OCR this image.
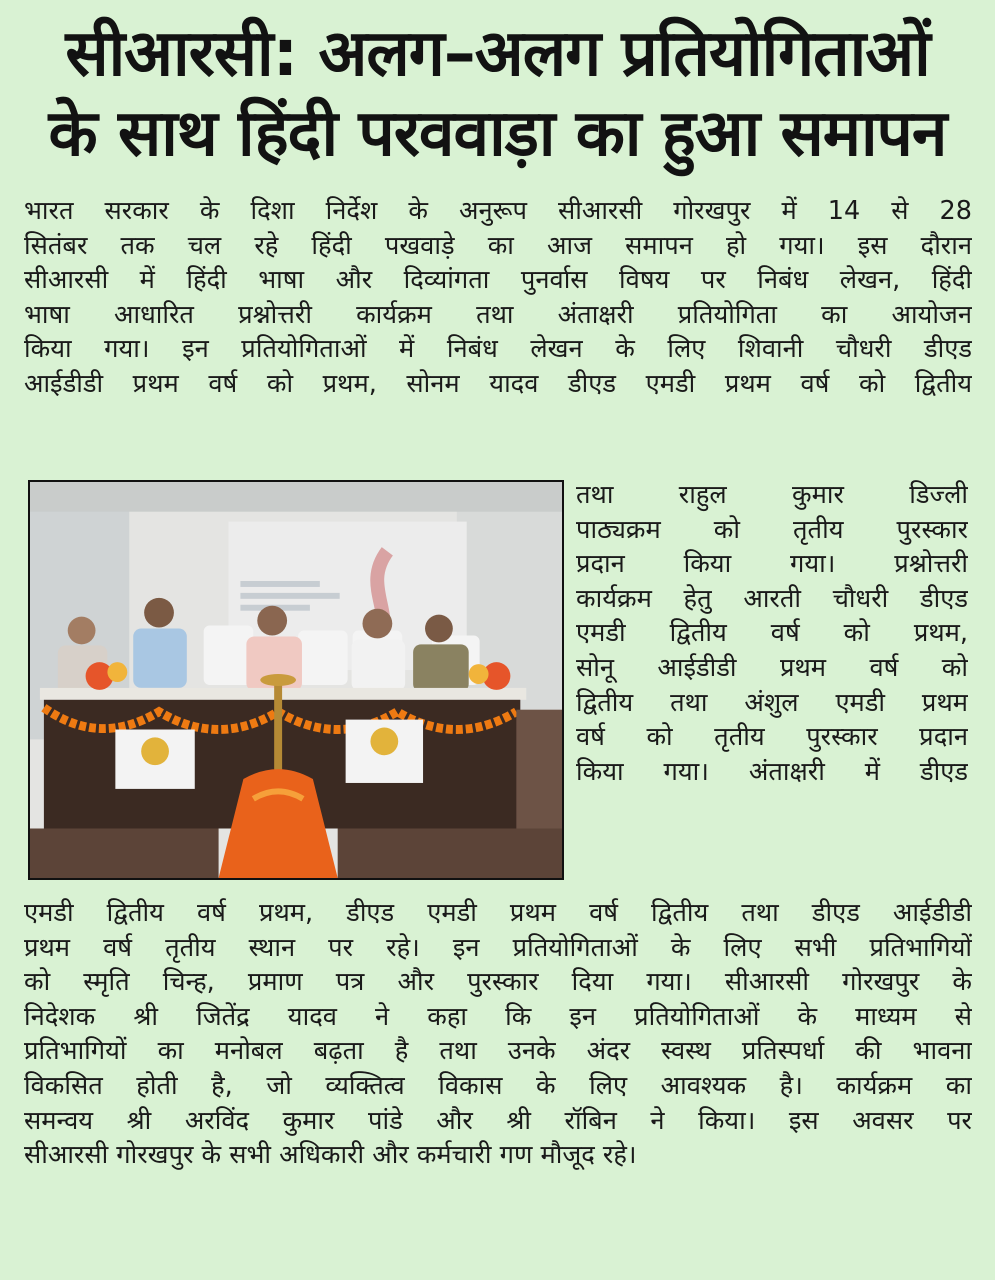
सीआरसी: अलग–अलग प्रतियोगिताओं
के साथ हिंदी परववाड़ा का हुआ समापन
भारत सरकार के दिशा निर्देश के अनुरूप सीआरसी गोरखपुर में 14 से 28
सितंबर तक चल रहे हिंदी पखवाड़े का आज समापन हो गया। इस दौरान
सीआरसी में हिंदी भाषा और दिव्यांगता पुनर्वास विषय पर निबंध लेखन, हिंदी
भाषा आधारित प्रश्नोत्तरी कार्यक्रम तथा अंताक्षरी प्रतियोगिता का आयोजन
किया गया। इन प्रतियोगिताओं में निबंध लेखन के लिए शिवानी चौधरी डीएड
आईडीडी प्रथम वर्ष को प्रथम, सोनम यादव डीएड एमडी प्रथम वर्ष को द्वितीय
तथा राहुल कुमार डिज्ली
पाठ्यक्रम को तृतीय पुरस्कार
प्रदान किया गया। प्रश्नोत्तरी
कार्यक्रम हेतु आरती चौधरी डीएड
एमडी द्वितीय वर्ष को प्रथम,
सोनू आईडीडी प्रथम वर्ष को
द्वितीय तथा अंशुल एमडी प्रथम
वर्ष को तृतीय पुरस्कार प्रदान
किया गया। अंताक्षरी में डीएड
एमडी द्वितीय वर्ष प्रथम, डीएड एमडी प्रथम वर्ष द्वितीय तथा डीएड आईडीडी
प्रथम वर्ष तृतीय स्थान पर रहे। इन प्रतियोगिताओं के लिए सभी प्रतिभागियों
को स्मृति चिन्ह, प्रमाण पत्र और पुरस्कार दिया गया। सीआरसी गोरखपुर के
निदेशक श्री जितेंद्र यादव ने कहा कि इन प्रतियोगिताओं के माध्यम से
प्रतिभागियों का मनोबल बढ़ता है तथा उनके अंदर स्वस्थ प्रतिस्पर्धा की भावना
विकसित होती है, जो व्यक्तित्व विकास के लिए आवश्यक है। कार्यक्रम का
समन्वय श्री अरविंद कुमार पांडे और श्री रॉबिन ने किया। इस अवसर पर
सीआरसी गोरखपुर के सभी अधिकारी और कर्मचारी गण मौजूद रहे।
